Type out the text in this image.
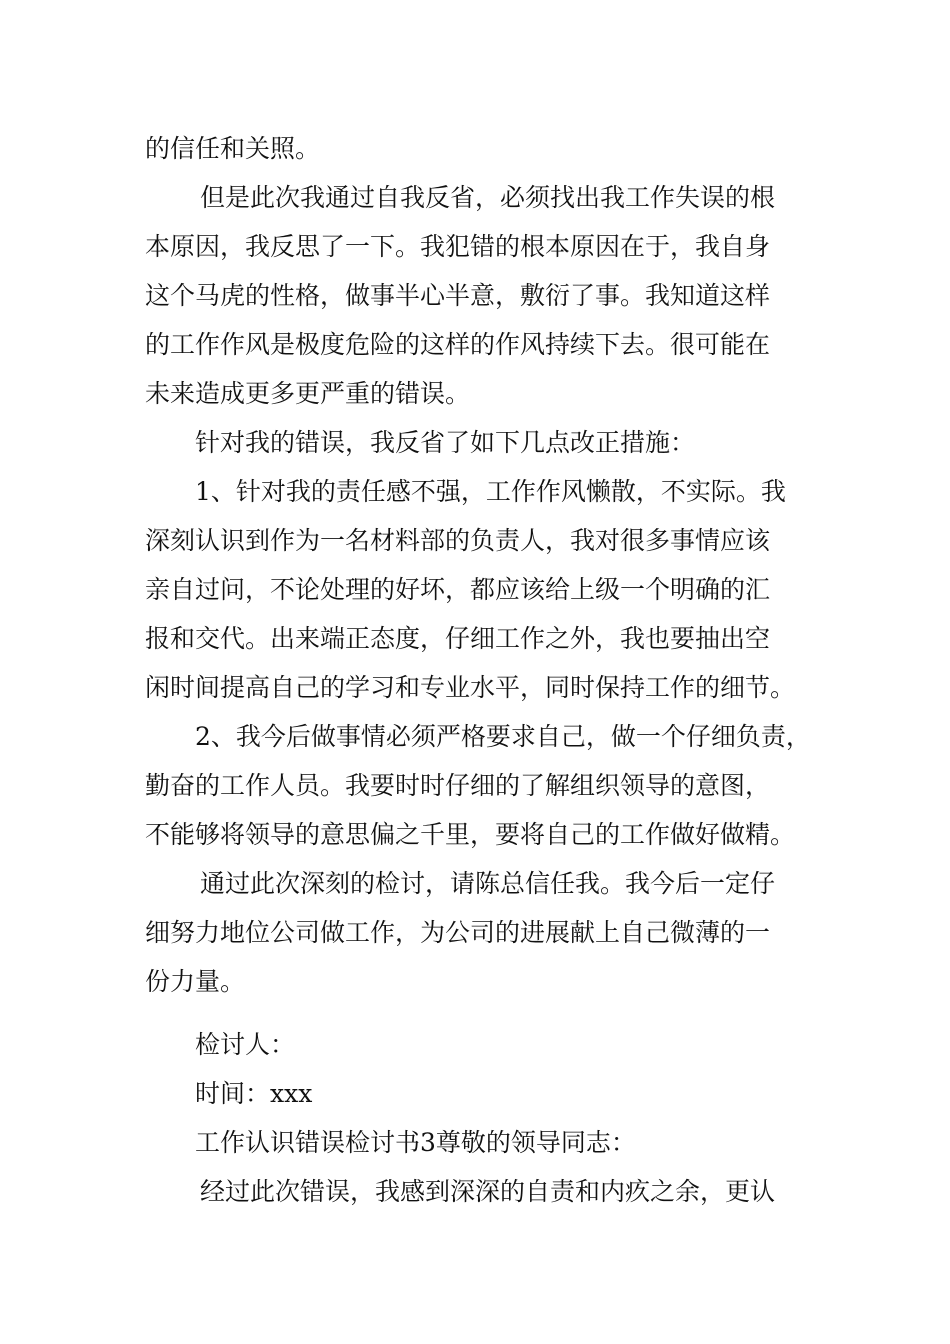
的信任和关照。
但是此次我通过自我反省，必须找出我工作失误的根
本原因，我反思了一下。我犯错的根本原因在于，我自身
这个马虎的性格，做事半心半意，敷衍了事。我知道这样
的工作作风是极度危险的这样的作风持续下去。很可能在
未来造成更多更严重的错误。
针对我的错误，我反省了如下几点改正措施：
1、针对我的责任感不强，工作作风懒散，不实际。我
深刻认识到作为一名材料部的负责人，我对很多事情应该
亲自过问，不论处理的好坏，都应该给上级一个明确的汇
报和交代。出来端正态度，仔细工作之外，我也要抽出空
闲时间提高自己的学习和专业水平，同时保持工作的细节。
2、我今后做事情必须严格要求自己，做一个仔细负责，
勤奋的工作人员。我要时时仔细的了解组织领导的意图，
不能够将领导的意思偏之千里，要将自己的工作做好做精。
通过此次深刻的检讨，请陈总信任我。我今后一定仔
细努力地位公司做工作，为公司的进展献上自己微薄的一
份力量。
检讨人：
时间：xxx
工作认识错误检讨书3尊敬的领导同志：
经过此次错误，我感到深深的自责和内疚之余，更认
